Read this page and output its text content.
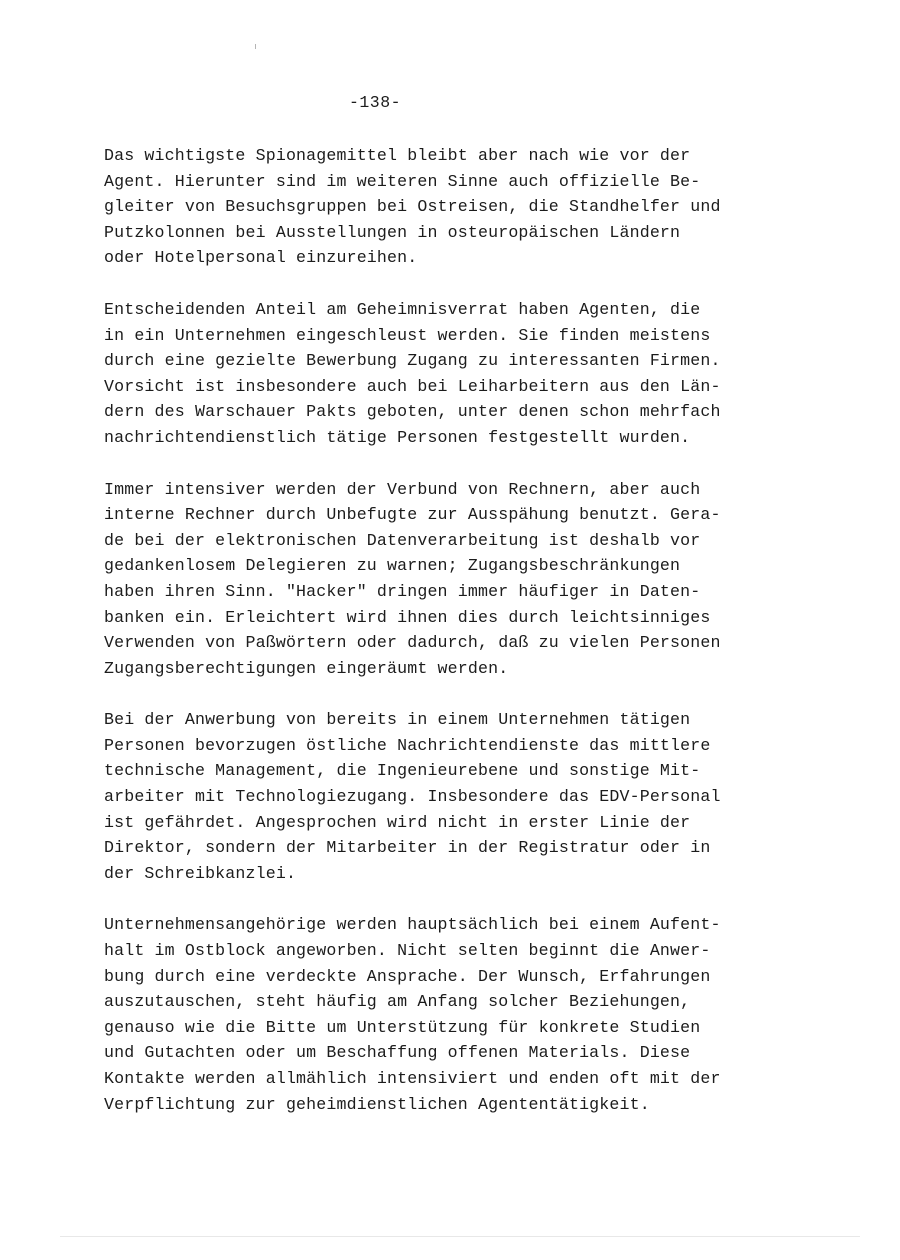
-138-
Das wichtigste Spionagemittel bleibt aber nach wie vor der
Agent. Hierunter sind im weiteren Sinne auch offizielle Be-
gleiter von Besuchsgruppen bei Ostreisen, die Standhelfer und
Putzkolonnen bei Ausstellungen in osteuropäischen Ländern
oder Hotelpersonal einzureihen.
Entscheidenden Anteil am Geheimnisverrat haben Agenten, die
in ein Unternehmen eingeschleust werden. Sie finden meistens
durch eine gezielte Bewerbung Zugang zu interessanten Firmen.
Vorsicht ist insbesondere auch bei Leiharbeitern aus den Län-
dern des Warschauer Pakts geboten, unter denen schon mehrfach
nachrichtendienstlich tätige Personen festgestellt wurden.
Immer intensiver werden der Verbund von Rechnern, aber auch
interne Rechner durch Unbefugte zur Ausspähung benutzt. Gera-
de bei der elektronischen Datenverarbeitung ist deshalb vor
gedankenlosem Delegieren zu warnen; Zugangsbeschränkungen
haben ihren Sinn. "Hacker" dringen immer häufiger in Daten-
banken ein. Erleichtert wird ihnen dies durch leichtsinniges
Verwenden von Paßwörtern oder dadurch, daß zu vielen Personen
Zugangsberechtigungen eingeräumt werden.
Bei der Anwerbung von bereits in einem Unternehmen tätigen
Personen bevorzugen östliche Nachrichtendienste das mittlere
technische Management, die Ingenieurebene und sonstige Mit-
arbeiter mit Technologiezugang. Insbesondere das EDV-Personal
ist gefährdet. Angesprochen wird nicht in erster Linie der
Direktor, sondern der Mitarbeiter in der Registratur oder in
der Schreibkanzlei.
Unternehmensangehörige werden hauptsächlich bei einem Aufent-
halt im Ostblock angeworben. Nicht selten beginnt die Anwer-
bung durch eine verdeckte Ansprache. Der Wunsch, Erfahrungen
auszutauschen, steht häufig am Anfang solcher Beziehungen,
genauso wie die Bitte um Unterstützung für konkrete Studien
und Gutachten oder um Beschaffung offenen Materials. Diese
Kontakte werden allmählich intensiviert und enden oft mit der
Verpflichtung zur geheimdienstlichen Agententätigkeit.
